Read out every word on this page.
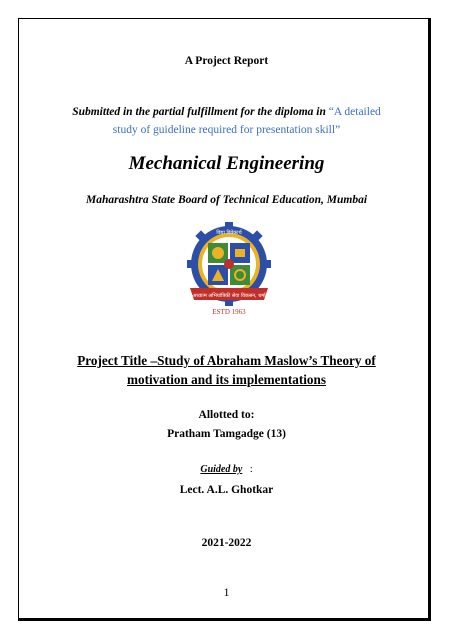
A Project Report
Submitted in the partial fulfillment for the diploma in “A detailed
study of guideline required for presentation skill”
Mechanical Engineering
Maharashtra State Board of Technical Education, Mumbai
विद्या विवेकार्थ
अध्यात्म अभियांत्रिकी सेवा विकसन, धर्मा
ESTD 1963
Project Title –Study of Abraham Maslow’s Theory of motivation and its implementations
Allotted to:
Pratham Tamgadge (13)
Guided by :
Lect. A.L. Ghotkar
2021-2022
1
